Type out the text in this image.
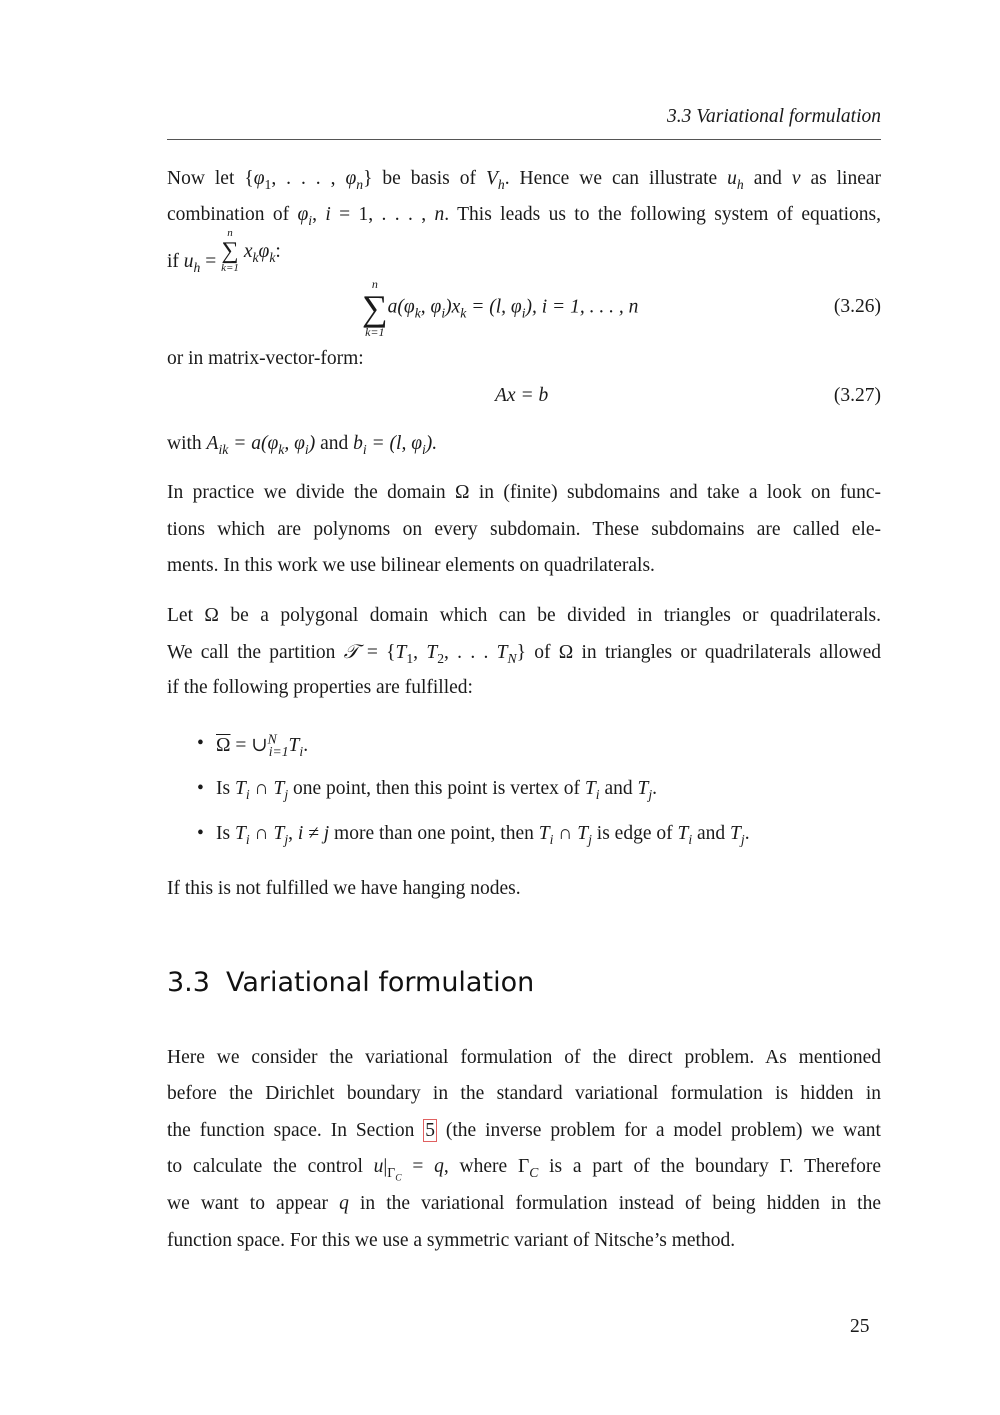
3.3 Variational formulation
Now let {$\varphi_1$, . . . , $\varphi_n$} be basis of $V_h$. Hence we can illustrate $u_h$ and v as linear
combination of $\varphi_i$, i = 1, . . . , n. This leads us to the following system of equations,
if $u_h$ =
n
∑
k=1
$x_k\varphi_k$:
n
∑
k=1
$a(\varphi_k$, $\varphi_i)x_k = (l$, $\varphi_i$), i = 1, . . . , n	(3.26)
or in matrix-vector-form:
Ax = b	(3.27)
with $A_{ik} = a(\varphi_k$, $\varphi_i$) and $b_i = (l$, $\varphi_i$).
In practice we divide the domain Ω in (finite) subdomains and take a look on func-
tions which are polynoms on every subdomain. These subdomains are called ele-
ments. In this work we use bilinear elements on quadrilaterals.
Let Ω be a polygonal domain which can be divided in triangles or quadrilaterals.
We call the partition 𝒯 = {$T_1$, $T_2$, . . . $T_N$} of Ω in triangles or quadrilaterals allowed
if the following properties are fulfilled:
• $\overline{\Omega}$ = $\cup^N_{i=1}T_i$.
• Is $T_i$ ∩ $T_j$ one point, then this point is vertex of $T_i$ and $T_j$.
• Is $T_i$ ∩ $T_j$, i ≠ j more than one point, then $T_i$ ∩ $T_j$ is edge of $T_i$ and $T_j$.
If this is not fulfilled we have hanging nodes.
3.3 Variational formulation
Here we consider the variational formulation of the direct problem. As mentioned
before the Dirichlet boundary in the standard variational formulation is hidden in
the function space. In Section 5 (the inverse problem for a model problem) we want
to calculate the control $u|_{\Gamma_C} = q$, where $\Gamma_C$ is a part of the boundary Γ. Therefore
we want to appear q in the variational formulation instead of being hidden in the
function space. For this we use a symmetric variant of Nitsche’s method.
25
